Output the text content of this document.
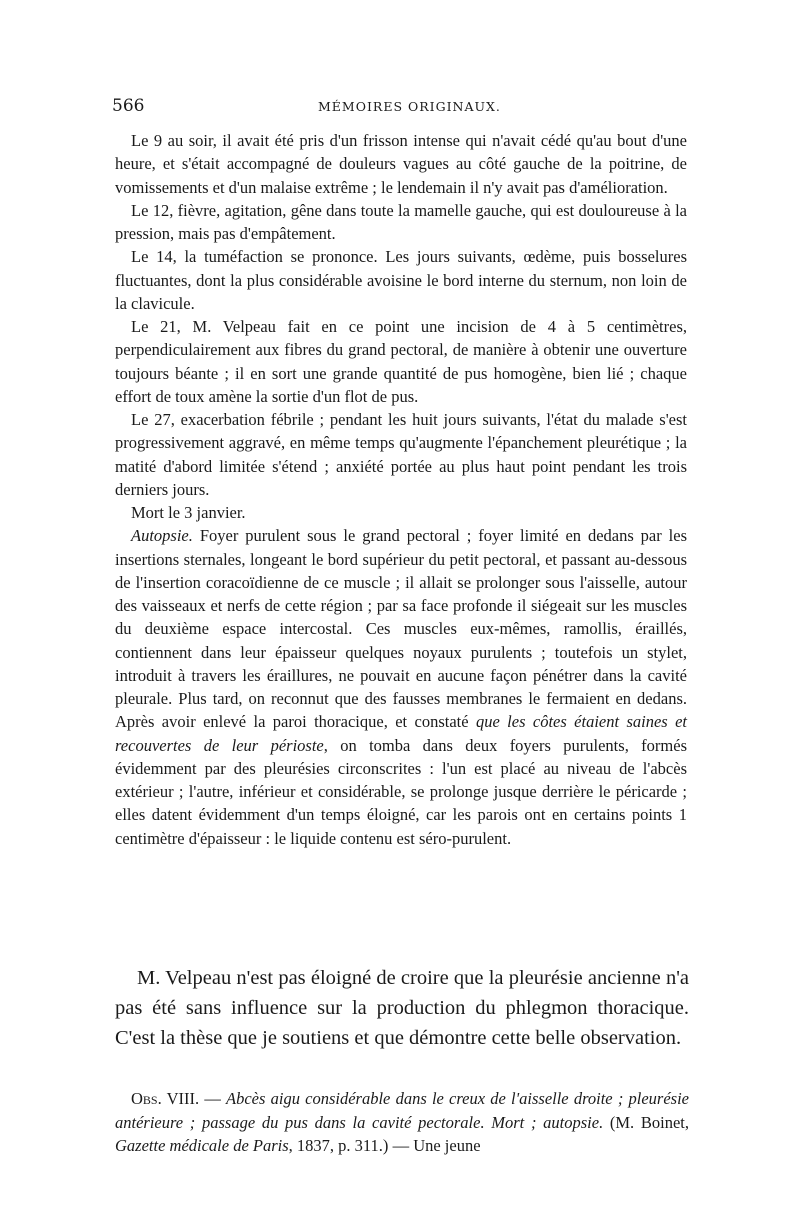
566	MÉMOIRES ORIGINAUX.

Le 9 au soir, il avait été pris d'un frisson intense qui n'avait cédé qu'au bout d'une heure, et s'était accompagné de douleurs vagues au côté gauche de la poitrine, de vomissements et d'un malaise extrême ; le lendemain il n'y avait pas d'amélioration.

Le 12, fièvre, agitation, gêne dans toute la mamelle gauche, qui est douloureuse à la pression, mais pas d'empâtement.

Le 14, la tuméfaction se prononce. Les jours suivants, œdème, puis bosselures fluctuantes, dont la plus considérable avoisine le bord interne du sternum, non loin de la clavicule.

Le 21, M. Velpeau fait en ce point une incision de 4 à 5 centimètres, perpendiculairement aux fibres du grand pectoral, de manière à obtenir une ouverture toujours béante ; il en sort une grande quantité de pus homogène, bien lié ; chaque effort de toux amène la sortie d'un flot de pus.

Le 27, exacerbation fébrile ; pendant les huit jours suivants, l'état du malade s'est progressivement aggravé, en même temps qu'augmente l'épanchement pleurétique ; la matité d'abord limitée s'étend ; anxiété portée au plus haut point pendant les trois derniers jours.

Mort le 3 janvier.

Autopsie. Foyer purulent sous le grand pectoral ; foyer limité en dedans par les insertions sternales, longeant le bord supérieur du petit pectoral, et passant au-dessous de l'insertion coracoïdienne de ce muscle ; il allait se prolonger sous l'aisselle, autour des vaisseaux et nerfs de cette région ; par sa face profonde il siégeait sur les muscles du deuxième espace intercostal. Ces muscles eux-mêmes, ramollis, éraillés, contiennent dans leur épaisseur quelques noyaux purulents ; toutefois un stylet, introduit à travers les éraillures, ne pouvait en aucune façon pénétrer dans la cavité pleurale. Plus tard, on reconnut que des fausses membranes le fermaient en dedans. Après avoir enlevé la paroi thoracique, et constaté que les côtes étaient saines et recouvertes de leur périoste, on tomba dans deux foyers purulents, formés évidemment par des pleurésies circonscrites : l'un est placé au niveau de l'abcès extérieur ; l'autre, inférieur et considérable, se prolonge jusque derrière le péricarde ; elles datent évidemment d'un temps éloigné, car les parois ont en certains points 1 centimètre d'épaisseur : le liquide contenu est séro-purulent.

M. Velpeau n'est pas éloigné de croire que la pleurésie ancienne n'a pas été sans influence sur la production du phlegmon thoracique. C'est la thèse que je soutiens et que démontre cette belle observation.

Obs. VIII. — Abcès aigu considérable dans le creux de l'aisselle droite ; pleurésie antérieure ; passage du pus dans la cavité pectorale. Mort ; autopsie. (M. Boinet, Gazette médicale de Paris, 1837, p. 311.) — Une jeune
